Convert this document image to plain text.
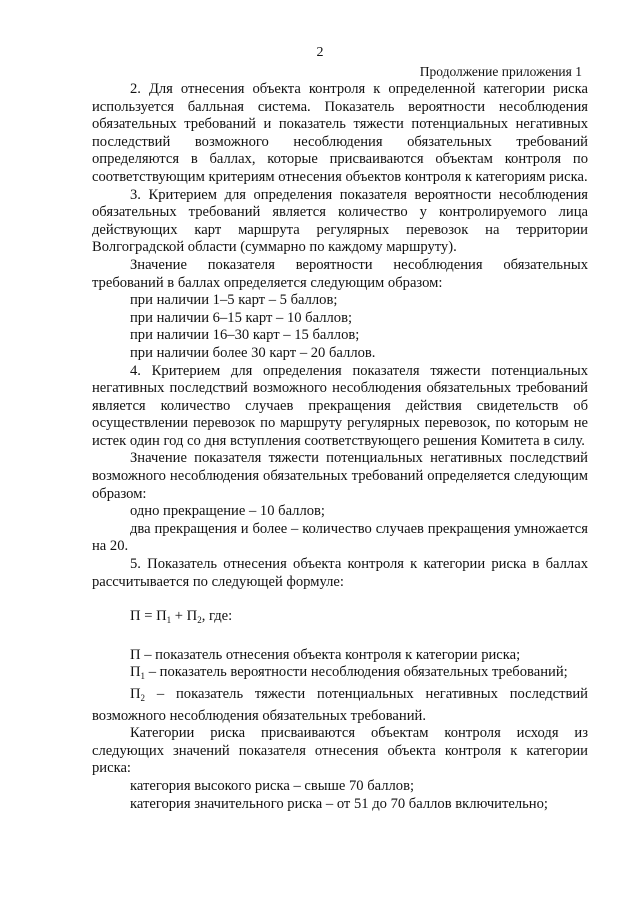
2
Продолжение приложения 1

2. Для отнесения объекта контроля к определенной категории риска используется балльная система. Показатель вероятности несоблюдения обязательных требований и показатель тяжести потенциальных негативных последствий возможного несоблюдения обязательных требований определяются в баллах, которые присваиваются объектам контроля по соответствующим критериям отнесения объектов контроля к категориям риска.

3. Критерием для определения показателя вероятности несоблюдения обязательных требований является количество у контролируемого лица действующих карт маршрута регулярных перевозок на территории Волгоградской области (суммарно по каждому маршруту).

Значение показателя вероятности несоблюдения обязательных требований в баллах определяется следующим образом:

при наличии 1–5 карт – 5 баллов;

при наличии 6–15 карт – 10 баллов;

при наличии 16–30 карт – 15 баллов;

при наличии более 30 карт – 20 баллов.

4. Критерием для определения показателя тяжести потенциальных негативных последствий возможного несоблюдения обязательных требований является количество случаев прекращения действия свидетельств об осуществлении перевозок по маршруту регулярных перевозок, по которым не истек один год со дня вступления соответствующего решения Комитета в силу.

Значение показателя тяжести потенциальных негативных последствий возможного несоблюдения обязательных требований определяется следующим образом:

одно прекращение – 10 баллов;

два прекращения и более – количество случаев прекращения умножается на 20.

5. Показатель отнесения объекта контроля к категории риска в баллах рассчитывается по следующей формуле:

$П = П_1 + П_2$, где:

П – показатель отнесения объекта контроля к категории риска;

$П_1$ – показатель вероятности несоблюдения обязательных требований;

$П_2$ – показатель тяжести потенциальных негативных последствий возможного несоблюдения обязательных требований.

Категории риска присваиваются объектам контроля исходя из следующих значений показателя отнесения объекта контроля к категории риска:

категория высокого риска – свыше 70 баллов;

категория значительного риска – от 51 до 70 баллов включительно;
